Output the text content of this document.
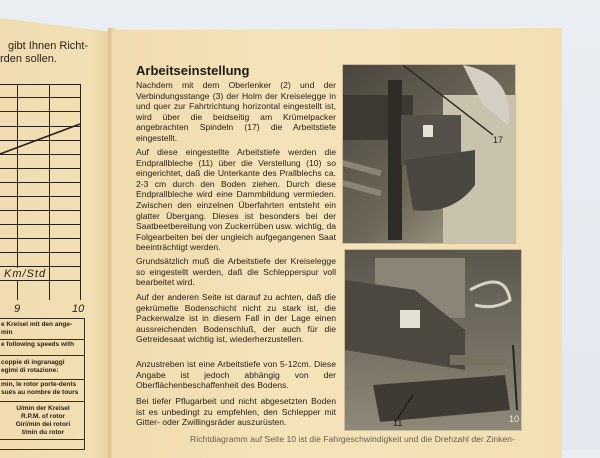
gibt Ihnen Richt-
rden sollen.
Km/Std
9	10
e Kreisel mit den ange-
min
e following speeds with
coppie di ingranaggi
egimi di rotazione:
min, le rotor porte-dents
sués au nombre de tours
U/min der Kreisel
R.P.M. of rotor
Giri/min dei rotori
t/min du rotor
Arbeitseinstellung
Nachdem mit dem Oberlenker (2) und der Verbindungsstange (3) der Holm der Kreiselegge in und quer zur Fahrtrichtung horizontal eingestellt ist, wird über die beidseitig am Krümelpacker angebrachten Spindeln (17) die Arbeitstiefe eingestellt.
Auf diese eingestellte Arbeitstiefe werden die Endprallbleche (11) über die Verstellung (10) so eingerichtet, daß die Unterkante des Prallblechs ca. 2-3 cm durch den Boden ziehen. Durch diese Endprallbleche wird eine Dammbildung vermieden. Zwischen den einzelnen Überfahrten entsteht ein glatter Übergang. Dieses ist besonders bei der Saatbeetbereitung von Zuckerrüben usw. wichtig, da Folgearbeiten bei der ungleich aufgegangenen Saat beeinträchtigt werden.
Grundsätzlich muß die Arbeitstiefe der Kreiselegge so eingestellt werden, daß die Schlepperspur voll bearbeitet wird.
Auf der anderen Seite ist darauf zu achten, daß die gekrümelte Bodenschicht nicht zu stark ist, die Packerwalze ist in diesem Fall in der Lage einen aussreichenden Bodenschluß, der auch für die Getreidesaat wichtig ist, wiederherzustellen.
Anzustreben ist eine Arbeitstiefe von 5-12cm. Diese Angabe ist jedoch abhängig von der Oberflächenbeschaffenheit des Bodens.
Bei tiefer Pflugarbeit und nicht abgesetzten Boden ist es unbedingt zu empfehlen, den Schlepper mit Gitter- oder Zwillingsräder auszurüsten.
Richtdiagramm auf Seite 10 ist die Fahrgeschwindigkeit und die Drehzahl der Zinken-
17
11	10
